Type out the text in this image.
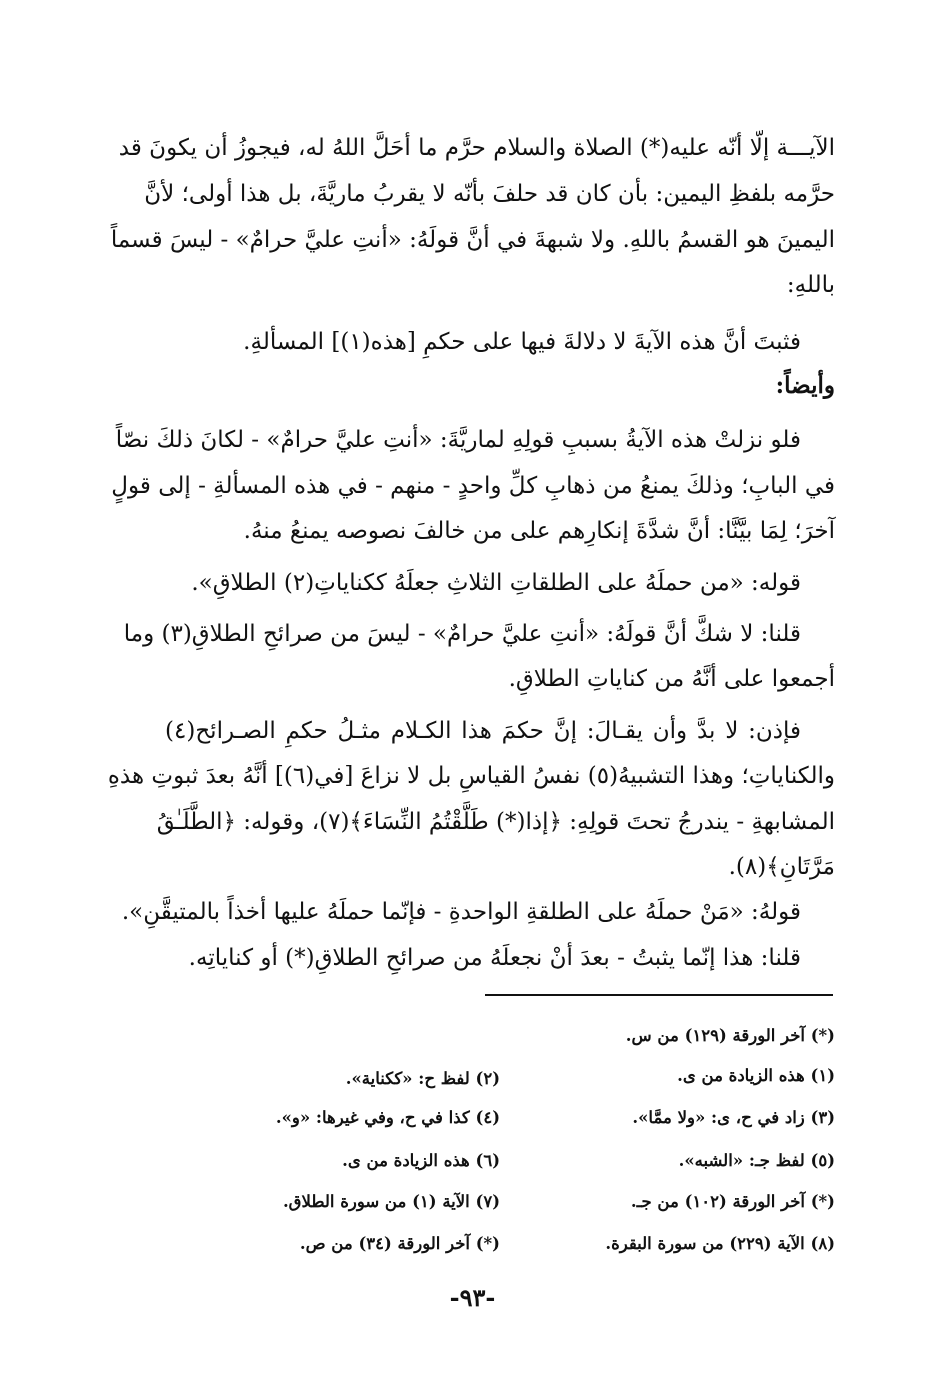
الآيـــة إلّا أنّه عليه(*) الصلاة والسلام حرَّم ما أحَلَّ اللهُ له، فيجوزُ أن يكونَ قد
حرَّمه بلفظِ اليمين: بأن كان قد حلفَ بأنّه لا يقربُ ماريَّةَ، بل هذا أولى؛ لأنَّ
اليمينَ هو القسمُ باللهِ. ولا شبهةَ في أنَّ قولَهُ: «أنتِ عليَّ حرامٌ» - ليسَ قسماً
باللهِ:
فثبتَ أنَّ هذه الآيةَ لا دلالةَ فيها على حكمِ [هذه(١)] المسألةِ.
وأيضاً:
فلو نزلتْ هذه الآيةُ بسببِ قولِهِ لماريَّةَ: «أنتِ عليَّ حرامٌ» - لكانَ ذلكَ نصّاً
في البابِ؛ وذلكَ يمنعُ من ذهابِ كلِّ واحدٍ - منهم - في هذه المسألةِ - إلى قولٍ
آخرَ؛ لِمَا بيَّنَّا: أنَّ شدَّةَ إنكارِهم على من خالفَ نصوصه يمنعُ منهُ.
قوله: «من حملَهُ على الطلقاتِ الثلاثِ جعلَهُ ككناياتِ(٢) الطلاقِ».
قلنا: لا شكَّ أنَّ قولَهُ: «أنتِ عليَّ حرامٌ» - ليسَ من صرائحِ الطلاقِ(٣) وما
أجمعوا على أنَّهُ من كناياتِ الطلاقِ.
فإذن: لا بدَّ وأن يقـالَ: إنَّ حكمَ هذا الكـلام مثـلُ حكمِ الصـرائح(٤)
والكناياتِ؛ وهذا التشبيهُ(٥) نفسُ القياسِ بل لا نزاعَ [في(٦)] أنَّهُ بعدَ ثبوتِ هذهِ
المشابهةِ - يندرجُ تحتَ قولِهِ: ﴿إذا(*) طَلَّقْتُمُ النِّسَاءَ﴾(٧)، وقوله: ﴿الطَّلَـٰقُ
مَرَّتَانِ﴾(٨).
قولهُ: «مَنْ حملَهُ على الطلقةِ الواحدةِ - فإنّما حملَهُ عليها أخذاً بالمتيقَّنِ».
قلنا: هذا إنّما يثبتُ - بعدَ أنْ نجعلَهُ من صرائحِ الطلاقِ(*) أو كناياتِه.
(*) آخر الورقة (١٢٩) من س.
(١) هذه الزيادة من ى.
(٣) زاد في ح، ى: «ولا ممَّا».
(٥) لفظ جـ: «الشبه».
(*) آخر الورقة (١٠٢) من جـ.
(٨) الآية (٢٢٩) من سورة البقرة.
(٢) لفظ ح: «ككناية».
(٤) كذا في ح، وفي غيرها: «و».
(٦) هذه الزيادة من ى.
(٧) الآية (١) من سورة الطلاق.
(*) آخر الورقة (٣٤) من ص.
-٩٣-
